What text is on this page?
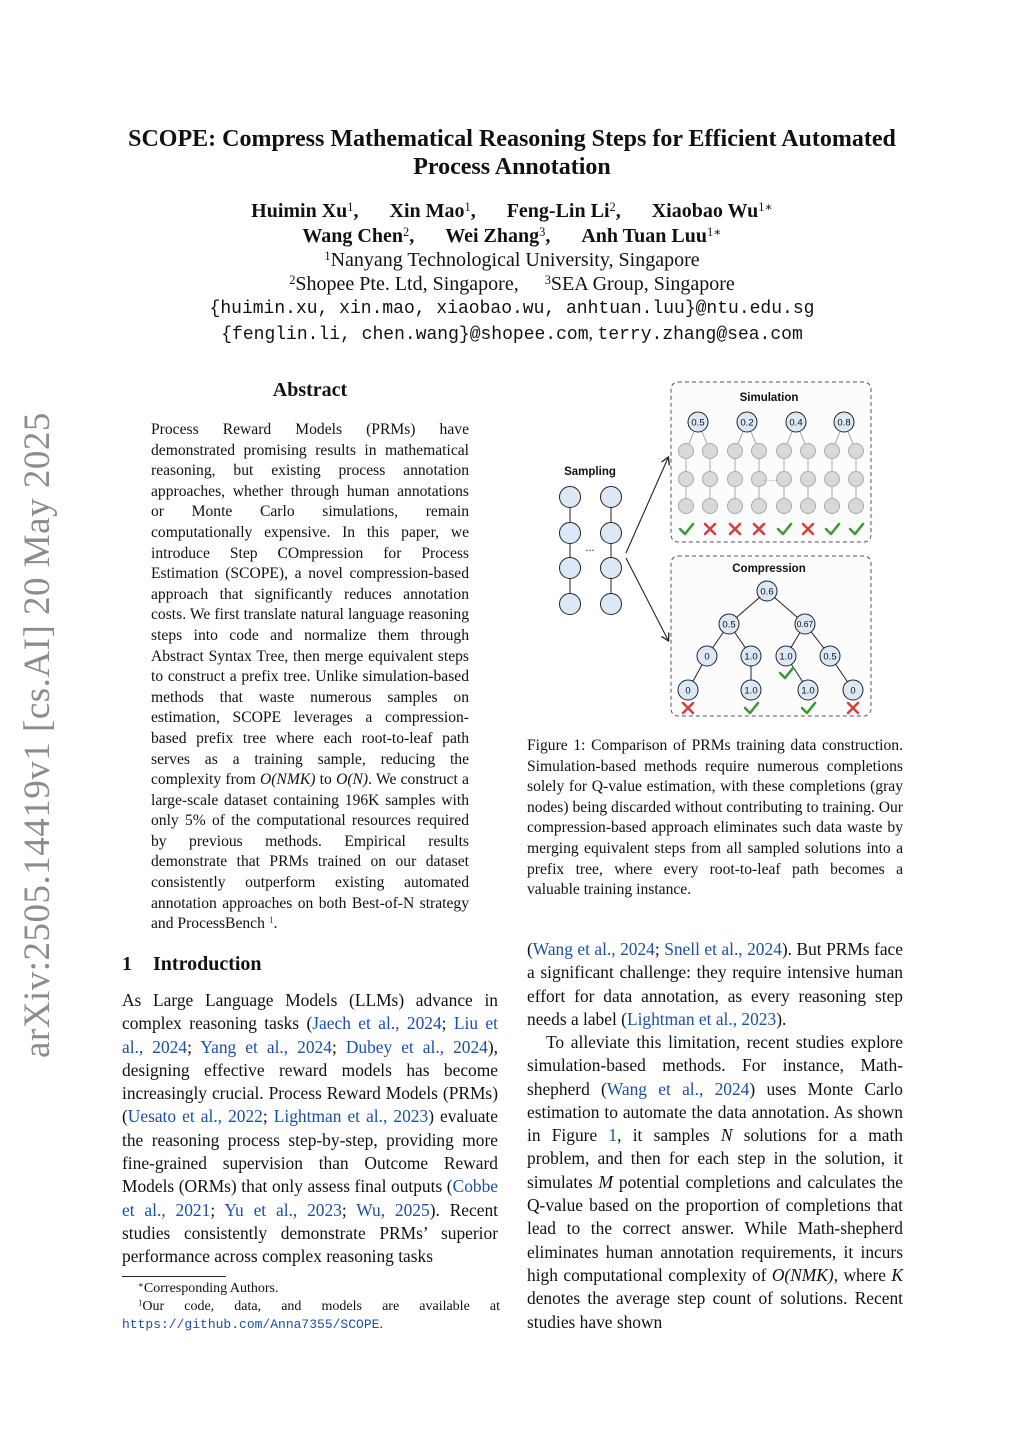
arXiv:2505.14419v1 [cs.AI] 20 May 2025
SCOPE: Compress Mathematical Reasoning Steps for Efficient Automated
Process Annotation
Huimin Xu$^1$, Xin Mao$^1$, Feng-Lin Li$^2$, Xiaobao $Wu^{1∗}$
Wang Chen$^2$, Wei Zhang$^3$, Anh Tuan Luu$^{1∗}$
$^1$Nanyang Technological University, Singapore
$^2$Shopee Pte. Ltd, Singapore, $^3$SEA Group, Singapore
{huimin.xu, xin.mao, xiaobao.wu, anhtuan.luu}@ntu.edu.sg
{fenglin.li, chen.wang}@shopee.com, terry.zhang@sea.com
Abstract

Process Reward Models (PRMs) have demonstrated promising results in mathematical reasoning, but existing process annotation approaches, whether through human annotations or Monte Carlo simulations, remain computationally expensive. In this paper, we introduce Step COmpression for Process Estimation (SCOPE), a novel compression-based approach that significantly reduces annotation costs. We first translate natural language reasoning steps into code and normalize them through Abstract Syntax Tree, then merge equivalent steps to construct a prefix tree. Unlike simulation-based methods that waste numerous samples on estimation, SCOPE leverages a compression-based prefix tree where each root-to-leaf path serves as a training sample, reducing the complexity from O(NMK) to O(N). We construct a large-scale dataset containing 196K samples with only 5% of the computational resources required by previous methods. Empirical results demonstrate that PRMs trained on our dataset consistently outperform existing automated annotation approaches on both Best-of-N strategy and ProcessBench $^1$.

1 Introduction

As Large Language Models (LLMs) advance in complex reasoning tasks (Jaech et al., 2024; Liu et al., 2024; Yang et al., 2024; Dubey et al., 2024), designing effective reward models has become increasingly crucial. Process Reward Models (PRMs) (Uesato et al., 2022; Lightman et al., 2023) evaluate the reasoning process step-by-step, providing more fine-grained supervision than Outcome Reward Models (ORMs) that only assess final outputs (Cobbe et al., 2021; Yu et al., 2023; Wu, 2025). Recent studies consistently demonstrate PRMs’ superior performance across complex reasoning tasks

(Wang et al., 2024; Snell et al., 2024). But PRMs face a significant challenge: they require intensive human effort for data annotation, as every reasoning step needs a label (Lightman et al., 2023).

To alleviate this limitation, recent studies explore simulation-based methods. For instance, Math-shepherd (Wang et al., 2024) uses Monte Carlo estimation to automate the data annotation. As shown in Figure 1, it samples N solutions for a math problem, and then for each step in the solution, it simulates M potential completions and calculates the Q-value based on the proportion of completions that lead to the correct answer. While Math-shepherd eliminates human annotation requirements, it incurs high computational complexity of O(NMK), where K denotes the average step count of solutions. Recent studies have shown

∗Corresponding Authors.

$^1$Our code, data, and models are available at https://github.com/Anna7355/SCOPE.

Sampling
...
Simulation
......
0.5	0.2	0.4	0.8
Compression
0.6
0.5	0.67
0	1.0 1.0	0.5
0	1.0	1.0	0

Figure 1: Comparison of PRMs training data construction. Simulation-based methods require numerous completions solely for Q-value estimation, with these completions (gray nodes) being discarded without contributing to training. Our compression-based approach eliminates such data waste by merging equivalent steps from all sampled solutions into a prefix tree, where every root-to-leaf path becomes a valuable training instance.
